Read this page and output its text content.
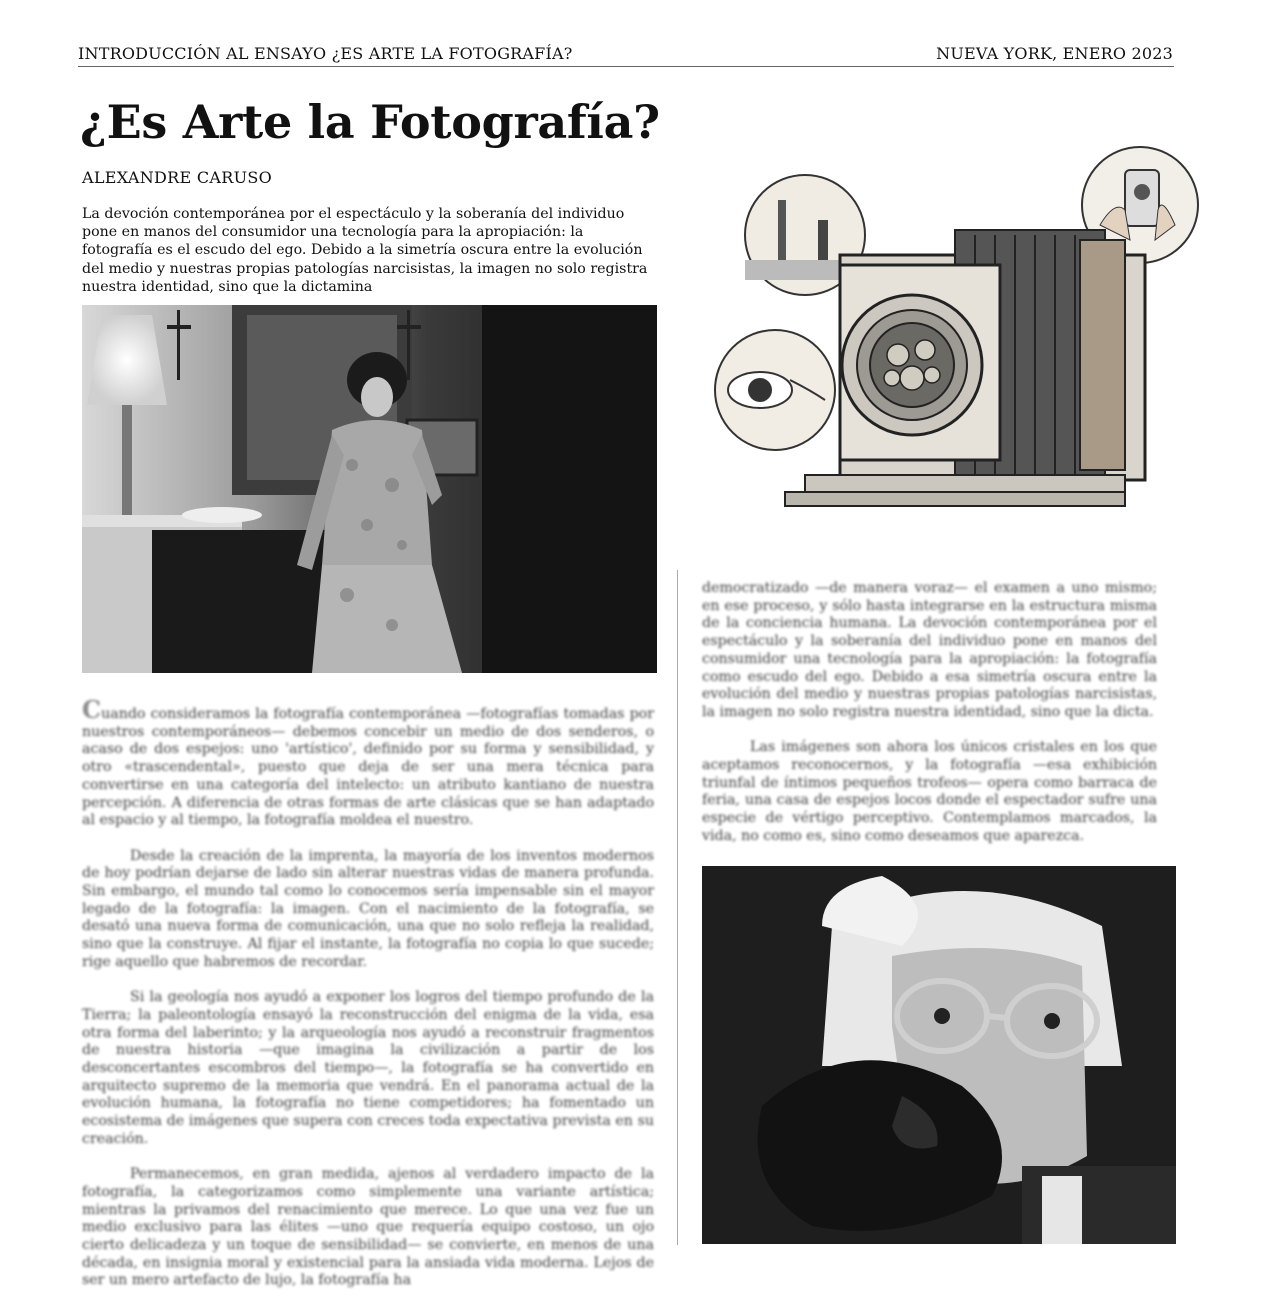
INTRODUCCIÓN AL ENSAYO ¿ES ARTE LA FOTOGRAFÍA?	NUEVA YORK, ENERO 2023
¿Es Arte la Fotografía?
ALEXANDRE CARUSO
La devoción contemporánea por el espectáculo y la soberanía del individuo pone en manos del consumidor una tecnología para la apropiación: la fotografía es el escudo del ego. Debido a la simetría oscura entre la evolución del medio y nuestras propias patologías narcisistas, la imagen no solo registra nuestra identidad, sino que la dictamina

Cuando consideramos la fotografía contemporánea —fotografías tomadas por nuestros contemporáneos— debemos concebir un medio de dos senderos, o acaso de dos espejos: uno 'artístico', definido por su forma y sensibilidad, y otro «trascendental», puesto que deja de ser una mera técnica para convertirse en una categoría del intelecto: un atributo kantiano de nuestra percepción. A diferencia de otras formas de arte clásicas que se han adaptado al espacio y al tiempo, la fotografía moldea el nuestro.

Desde la creación de la imprenta, la mayoría de los inventos modernos de hoy podrían dejarse de lado sin alterar nuestras vidas de manera profunda. Sin embargo, el mundo tal como lo conocemos sería impensable sin el mayor legado de la fotografía: la imagen. Con el nacimiento de la fotografía, se desató una nueva forma de comunicación, una que no solo refleja la realidad, sino que la construye. Al fijar el instante, la fotografía no copia lo que sucede; rige aquello que habremos de recordar.

Si la geología nos ayudó a exponer los logros del tiempo profundo de la Tierra; la paleontología ensayó la reconstrucción del enigma de la vida, esa otra forma del laberinto; y la arqueología nos ayudó a reconstruir fragmentos de nuestra historia —que imagina la civilización a partir de los desconcertantes escombros del tiempo—, la fotografía se ha convertido en arquitecto supremo de la memoria que vendrá. En el panorama actual de la evolución humana, la fotografía no tiene competidores; ha fomentado un ecosistema de imágenes que supera con creces toda expectativa prevista en su creación.

Permanecemos, en gran medida, ajenos al verdadero impacto de la fotografía, la categorizamos como simplemente una variante artística; mientras la privamos del renacimiento que merece. Lo que una vez fue un medio exclusivo para las élites —uno que requería equipo costoso, un ojo cierto delicadeza y un toque de sensibilidad— se convierte, en menos de una década, en insignia moral y existencial para la ansiada vida moderna. Lejos de ser un mero artefacto de lujo, la fotografía ha

democratizado —de manera voraz— el examen a uno mismo; en ese proceso, y sólo hasta integrarse en la estructura misma de la conciencia humana. La devoción contemporánea por el espectáculo y la soberanía del individuo pone en manos del consumidor una tecnología para la apropiación: la fotografía como escudo del ego. Debido a esa simetría oscura entre la evolución del medio y nuestras propias patologías narcisistas, la imagen no solo registra nuestra identidad, sino que la dicta.

Las imágenes son ahora los únicos cristales en los que aceptamos reconocernos, y la fotografía —esa exhibición triunfal de íntimos pequeños trofeos— opera como barraca de feria, una casa de espejos locos donde el espectador sufre una especie de vértigo perceptivo. Contemplamos marcados, la vida, no como es, sino como deseamos que aparezca.
